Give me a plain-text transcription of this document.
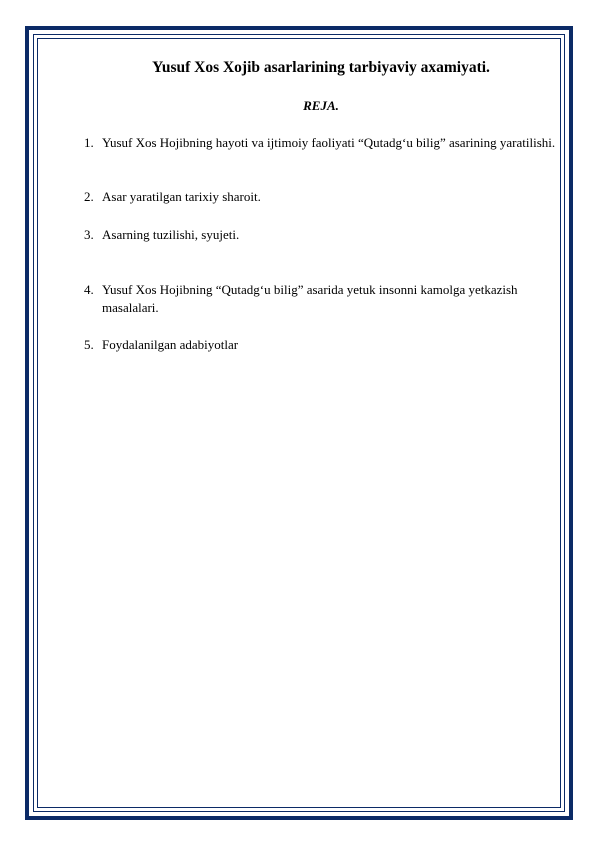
Yusuf Xos Xojib asarlarining tarbiyaviy axamiyati.
REJA.
1. Yusuf Xos Hojibning hayoti va ijtimoiy faoliyati “Qutadg‘u bilig” asarining yaratilishi.
2. Asar yaratilgan tarixiy sharoit.
3. Asarning tuzilishi, syujeti.
4. Yusuf Xos Hojibning “Qutadg‘u bilig” asarida yetuk insonni kamolga yetkazish masalalari.
5. Foydalanilgan adabiyotlar
